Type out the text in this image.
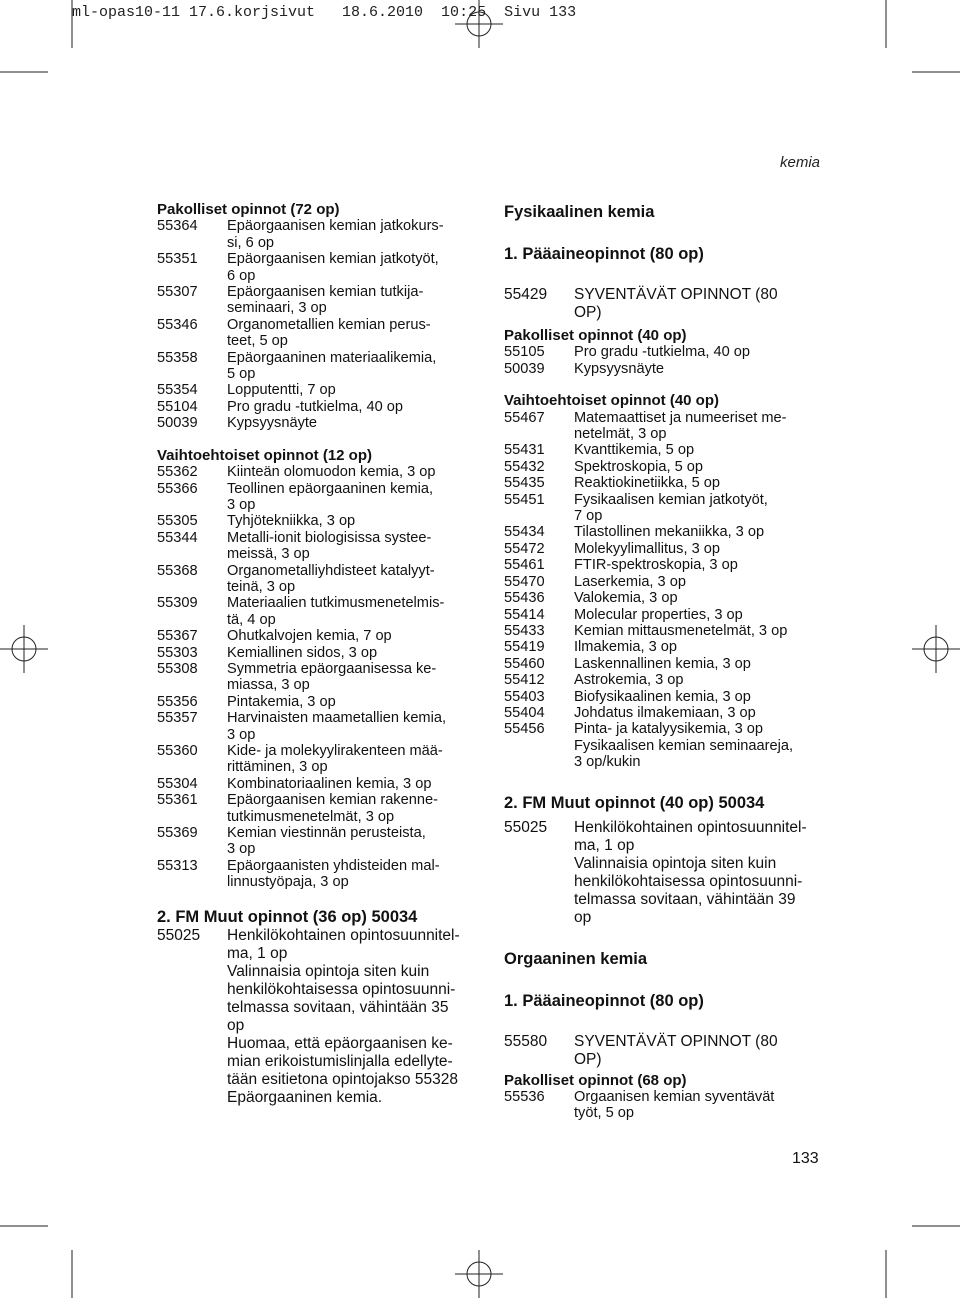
ml-opas10-11 17.6.korjsivut   18.6.2010  10:25  Sivu 133
kemia

Pakolliset opinnot (72 op)

55364	Epäorgaanisen kemian jatkokurs-
si, 6 op
55351	Epäorgaanisen kemian jatkotyöt,
6 op
55307	Epäorgaanisen kemian tutkija-
seminaari, 3 op
55346	Organometallien kemian perus-
teet, 5 op
55358	Epäorgaaninen materiaalikemia,
5 op
55354	Lopputentti, 7 op
55104	Pro gradu -tutkielma, 40 op
50039	Kypsyysnäyte

Vaihtoehtoiset opinnot (12 op)

55362	Kiinteän olomuodon kemia, 3 op
55366	Teollinen epäorgaaninen kemia,
3 op
55305	Tyhjötekniikka, 3 op
55344	Metalli-ionit biologisissa systee-
meissä, 3 op
55368	Organometalliyhdisteet katalyyt-
teinä, 3 op
55309	Materiaalien tutkimusmenetelmis-
tä, 4 op
55367	Ohutkalvojen kemia, 7 op
55303	Kemiallinen sidos, 3 op
55308	Symmetria epäorgaanisessa ke-
miassa, 3 op
55356	Pintakemia, 3 op
55357	Harvinaisten maametallien kemia,
3 op
55360	Kide- ja molekyylirakenteen mää-
rittäminen, 3 op
55304	Kombinatoriaalinen kemia, 3 op
55361	Epäorgaanisen kemian rakenne-
tutkimusmenetelmät, 3 op
55369	Kemian viestinnän perusteista,
3 op
55313	Epäorgaanisten yhdisteiden mal-
linnustyöpaja, 3 op

2. FM Muut opinnot (36 op) 50034

55025	Henkilökohtainen opintosuunnitel-
ma, 1 op
Valinnaisia opintoja siten kuin
henkilökohtaisessa opintosuunni-
telmassa sovitaan, vähintään 35
op
Huomaa, että epäorgaanisen ke-
mian erikoistumislinjalla edellyte-
tään esitietona opintojakso 55328
Epäorgaaninen kemia.

Fysikaalinen kemia

1. Pääaineopinnot (80 op)

55429	SYVENTÄVÄT OPINNOT (80
OP)

Pakolliset opinnot (40 op)

55105	Pro gradu -tutkielma, 40 op
50039	Kypsyysnäyte

Vaihtoehtoiset opinnot (40 op)

55467	Matemaattiset ja numeeriset me-
netelmät, 3 op
55431	Kvanttikemia, 5 op
55432	Spektroskopia, 5 op
55435	Reaktiokinetiikka, 5 op
55451	Fysikaalisen kemian jatkotyöt,
7 op
55434	Tilastollinen mekaniikka, 3 op
55472	Molekyylimallitus, 3 op
55461	FTIR-spektroskopia, 3 op
55470	Laserkemia, 3 op
55436	Valokemia, 3 op
55414	Molecular properties, 3 op
55433	Kemian mittausmenetelmät, 3 op
55419	Ilmakemia, 3 op
55460	Laskennallinen kemia, 3 op
55412	Astrokemia, 3 op
55403	Biofysikaalinen kemia, 3 op
55404	Johdatus ilmakemiaan, 3 op
55456	Pinta- ja katalyysikemia, 3 op
Fysikaalisen kemian seminaareja,
3 op/kukin

2. FM Muut opinnot (40 op) 50034

55025	Henkilökohtainen opintosuunnitel-
ma, 1 op
Valinnaisia opintoja siten kuin
henkilökohtaisessa opintosuunni-
telmassa sovitaan, vähintään 39
op

Orgaaninen kemia

1. Pääaineopinnot (80 op)

55580	SYVENTÄVÄT OPINNOT (80
OP)

Pakolliset opinnot (68 op)

55536	Orgaanisen kemian syventävät
työt, 5 op
133
